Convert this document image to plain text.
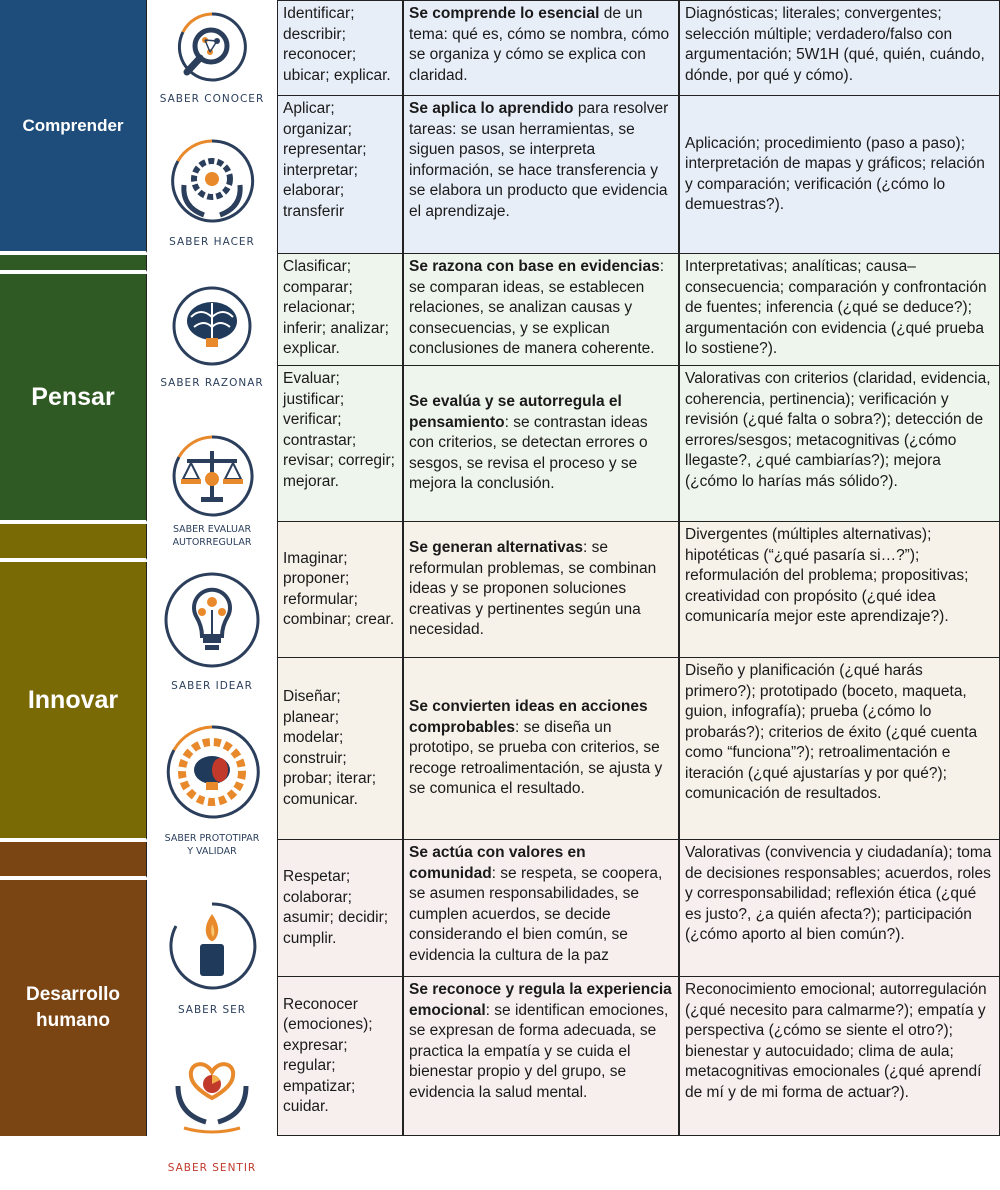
Comprender
Pensar
Innovar
Desarrollo humano
SABER CONOCER
SABER HACER
SABER RAZONAR
SABER EVALUAR
AUTORREGULAR
SABER IDEAR
SABER PROTOTIPAR
Y VALIDAR
SABER SER
SABER SENTIR
Identificar; describir; reconocer; ubicar; explicar.
Se comprende lo esencial de un tema: qué es, cómo se nombra, cómo se organiza y cómo se explica con claridad.
Diagnósticas; literales; convergentes; selección múltiple; verdadero/falso con argumentación; 5W1H (qué, quién, cuándo, dónde, por qué y cómo).
Aplicar; organizar; representar; interpretar; elaborar; transferir
Se aplica lo aprendido para resolver tareas: se usan herramientas, se siguen pasos, se interpreta información, se hace transferencia y se elabora un producto que evidencia el aprendizaje.
Aplicación; procedimiento (paso a paso); interpretación de mapas y gráficos; relación y comparación; verificación (¿cómo lo demuestras?).
Clasificar; comparar; relacionar; inferir; analizar; explicar.
Se razona con base en evidencias: se comparan ideas, se establecen relaciones, se analizan causas y consecuencias, y se explican conclusiones de manera coherente.
Interpretativas; analíticas; causa–consecuencia; comparación y confrontación de fuentes; inferencia (¿qué se deduce?); argumentación con evidencia (¿qué prueba lo sostiene?).
Evaluar; justificar; verificar; contrastar; revisar; corregir; mejorar.
Se evalúa y se autorregula el pensamiento: se contrastan ideas con criterios, se detectan errores o sesgos, se revisa el proceso y se mejora la conclusión.
Valorativas con criterios (claridad, evidencia, coherencia, pertinencia); verificación y revisión (¿qué falta o sobra?); detección de errores/sesgos; metacognitivas (¿cómo llegaste?, ¿qué cambiarías?); mejora (¿cómo lo harías más sólido?).
Imaginar; proponer; reformular; combinar; crear.
Se generan alternativas: se reformulan problemas, se combinan ideas y se proponen soluciones creativas y pertinentes según una necesidad.
Divergentes (múltiples alternativas); hipotéticas (“¿qué pasaría si…?”); reformulación del problema; propositivas; creatividad con propósito (¿qué idea comunicaría mejor este aprendizaje?).
Diseñar; planear; modelar; construir; probar; iterar; comunicar.
Se convierten ideas en acciones comprobables: se diseña un prototipo, se prueba con criterios, se recoge retroalimentación, se ajusta y se comunica el resultado.
Diseño y planificación (¿qué harás primero?); prototipado (boceto, maqueta, guion, infografía); prueba (¿cómo lo probarás?); criterios de éxito (¿qué cuenta como “funciona”?); retroalimentación e iteración (¿qué ajustarías y por qué?); comunicación de resultados.
Respetar; colaborar; asumir; decidir; cumplir.
Se actúa con valores en comunidad: se respeta, se coopera, se asumen responsabilidades, se cumplen acuerdos, se decide considerando el bien común, se evidencia la cultura de la paz
Valorativas (convivencia y ciudadanía); toma de decisiones responsables; acuerdos, roles y corresponsabilidad; reflexión ética (¿qué es justo?, ¿a quién afecta?); participación (¿cómo aporto al bien común?).
Reconocer (emociones); expresar; regular; empatizar; cuidar.
Se reconoce y regula la experiencia emocional: se identifican emociones, se expresan de forma adecuada, se practica la empatía y se cuida el bienestar propio y del grupo, se evidencia la salud mental.
Reconocimiento emocional; autorregulación (¿qué necesito para calmarme?); empatía y perspectiva (¿cómo se siente el otro?); bienestar y autocuidado; clima de aula; metacognitivas emocionales (¿qué aprendí de mí y de mi forma de actuar?).
